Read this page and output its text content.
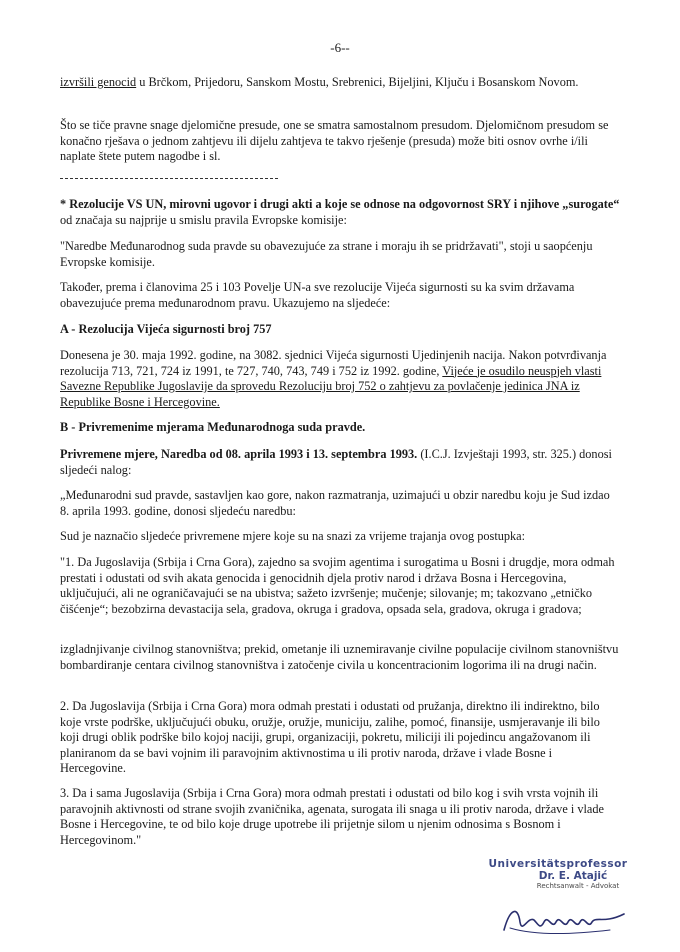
-6--
izvršili genocid u Brčkom, Prijedoru, Sanskom Mostu, Srebrenici, Bijeljini, Ključu i Bosanskom Novom.
Što se tiče pravne snage djelomične presude, one se smatra samostalnom presudom. Djelomičnom presudom se konačno rješava o jednom zahtjevu ili dijelu zahtjeva te takvo rješenje (presuda) može biti osnov ovrhe i/ili naplate štete putem nagodbe i sl.
* Rezolucije VS UN, mirovni ugovor i drugi akti a koje se odnose na odgovornost SRY i njihove „surogate“ od značaja su najprije u smislu pravila Evropske komisije:
"Naredbe Međunarodnog suda pravde su obavezujuće za strane i moraju ih se pridržavati", stoji u saopćenju Evropske komisije.
Također, prema i članovima 25 i 103 Povelje UN-a sve rezolucije Vijeća sigurnosti su ka svim državama obavezujuće prema međunarodnom pravu. Ukazujemo na sljedeće:
A - Rezolucija Vijeća sigurnosti broj 757
Donesena je 30. maja 1992. godine, na 3082. sjednici Vijeća sigurnosti Ujedinjenih nacija. Nakon potvrđivanja rezolucija 713, 721, 724 iz 1991, te 727, 740, 743, 749 i 752 iz 1992. godine, Vijeće je osudilo neuspjeh vlasti Savezne Republike Jugoslavije da sprovedu Rezoluciju broj 752 o zahtjevu za povlačenje jedinica JNA iz Republike Bosne i Hercegovine.
B - Privremenime mjerama Međunarodnoga suda pravde.
Privremene mjere, Naredba od 08. aprila 1993 i 13. septembra 1993. (I.C.J. Izvještaji 1993, str. 325.) donosi sljedeći nalog:
„Međunarodni sud pravde, sastavljen kao gore, nakon razmatranja, uzimajući u obzir naredbu koju je Sud izdao 8. aprila 1993. godine, donosi sljedeću naredbu:
Sud je naznačio sljedeće privremene mjere koje su na snazi za vrijeme trajanja ovog postupka:
"1. Da Jugoslavija (Srbija i Crna Gora), zajedno sa svojim agentima i surogatima u Bosni i drugdje, mora odmah prestati i odustati od svih akata genocida i genocidnih djela protiv narod i država Bosna i Hercegovina, uključujući, ali ne ograničavajući se na ubistva; sažeto izvršenje; mučenje; silovanje; m; takozvano „etničko čišćenje“; bezobzirna devastacija sela, gradova, okruga i gradova, opsada sela, gradova, okruga i gradova;
izgladnjivanje civilnog stanovništva; prekid, ometanje ili uznemiravanje civilne populacije civilnom stanovništvu bombardiranje centara civilnog stanovništva i zatočenje civila u koncentracionim logorima ili na drugi način.
2. Da Jugoslavija (Srbija i Crna Gora) mora odmah prestati i odustati od pružanja, direktno ili indirektno, bilo koje vrste podrške, uključujući obuku, oružje, oružje, municiju, zalihe, pomoć, finansije, usmjeravanje ili bilo koji drugi oblik podrške bilo kojoj naciji, grupi, organizaciji, pokretu, miliciji ili pojedincu angažovanom ili planiranom da se bavi vojnim ili paravojnim aktivnostima u ili protiv naroda, države i vlade Bosne i Hercegovine.
3. Da i sama Jugoslavija (Srbija i Crna Gora) mora odmah prestati i odustati od bilo kog i svih vrsta vojnih ili paravojnih aktivnosti od strane svojih zvaničnika, agenata, surogata ili snaga u ili protiv naroda, države i vlade Bosne i Hercegovine, te od bilo koje druge upotrebe ili prijetnje silom u njenim odnosima s Bosnom i Hercegovinom."
Universitätsprofessor
Dr. E. Atajić
Rechtsanwalt - Advokat
